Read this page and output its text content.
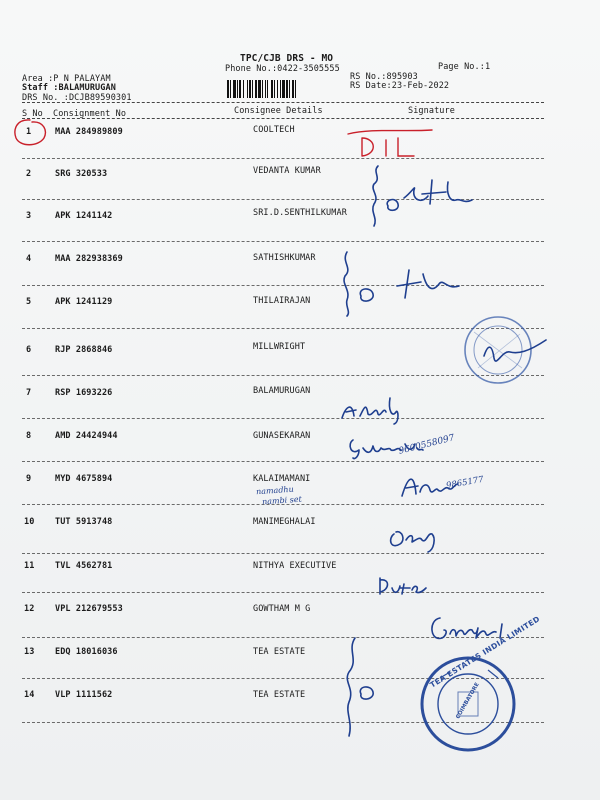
TPC/CJB DRS - MO
Phone No.:0422-3505555	Page No.:1
Area :P N PALAYAM
Staff :BALAMURUGAN
DRS No. :DCJB89590301
RS No.:895903
RS Date:23-Feb-2022
S No Consignment No	Consignee Details	Signature
1	MAA 284989809	COOLTECH
2	SRG 320533	VEDANTA KUMAR
3	APK 1241142	SRI.D.SENTHILKUMAR
4	MAA 282938369	SATHISHKUMAR
5	APK 1241129	THILAIRAJAN
6	RJP 2868846	MILLWRIGHT
7	RSP 1693226	BALAMURUGAN
8	AMD 24424944	GUNASEKARAN
9	MYD 4675894	KALAIMAMANI
10 TUT 5913748	MANIMEGHALAI
11 TVL 4562781	NITHYA EXECUTIVE
12 VPL 212679553	GOWTHAM M G
13 EDQ 18016036	TEA ESTATE
14 VLP 1111562	TEA ESTATE
9600558097
namadhu
nambi set
9865177
TEA ESTATES INDIA LIMITED
COIMBATORE
